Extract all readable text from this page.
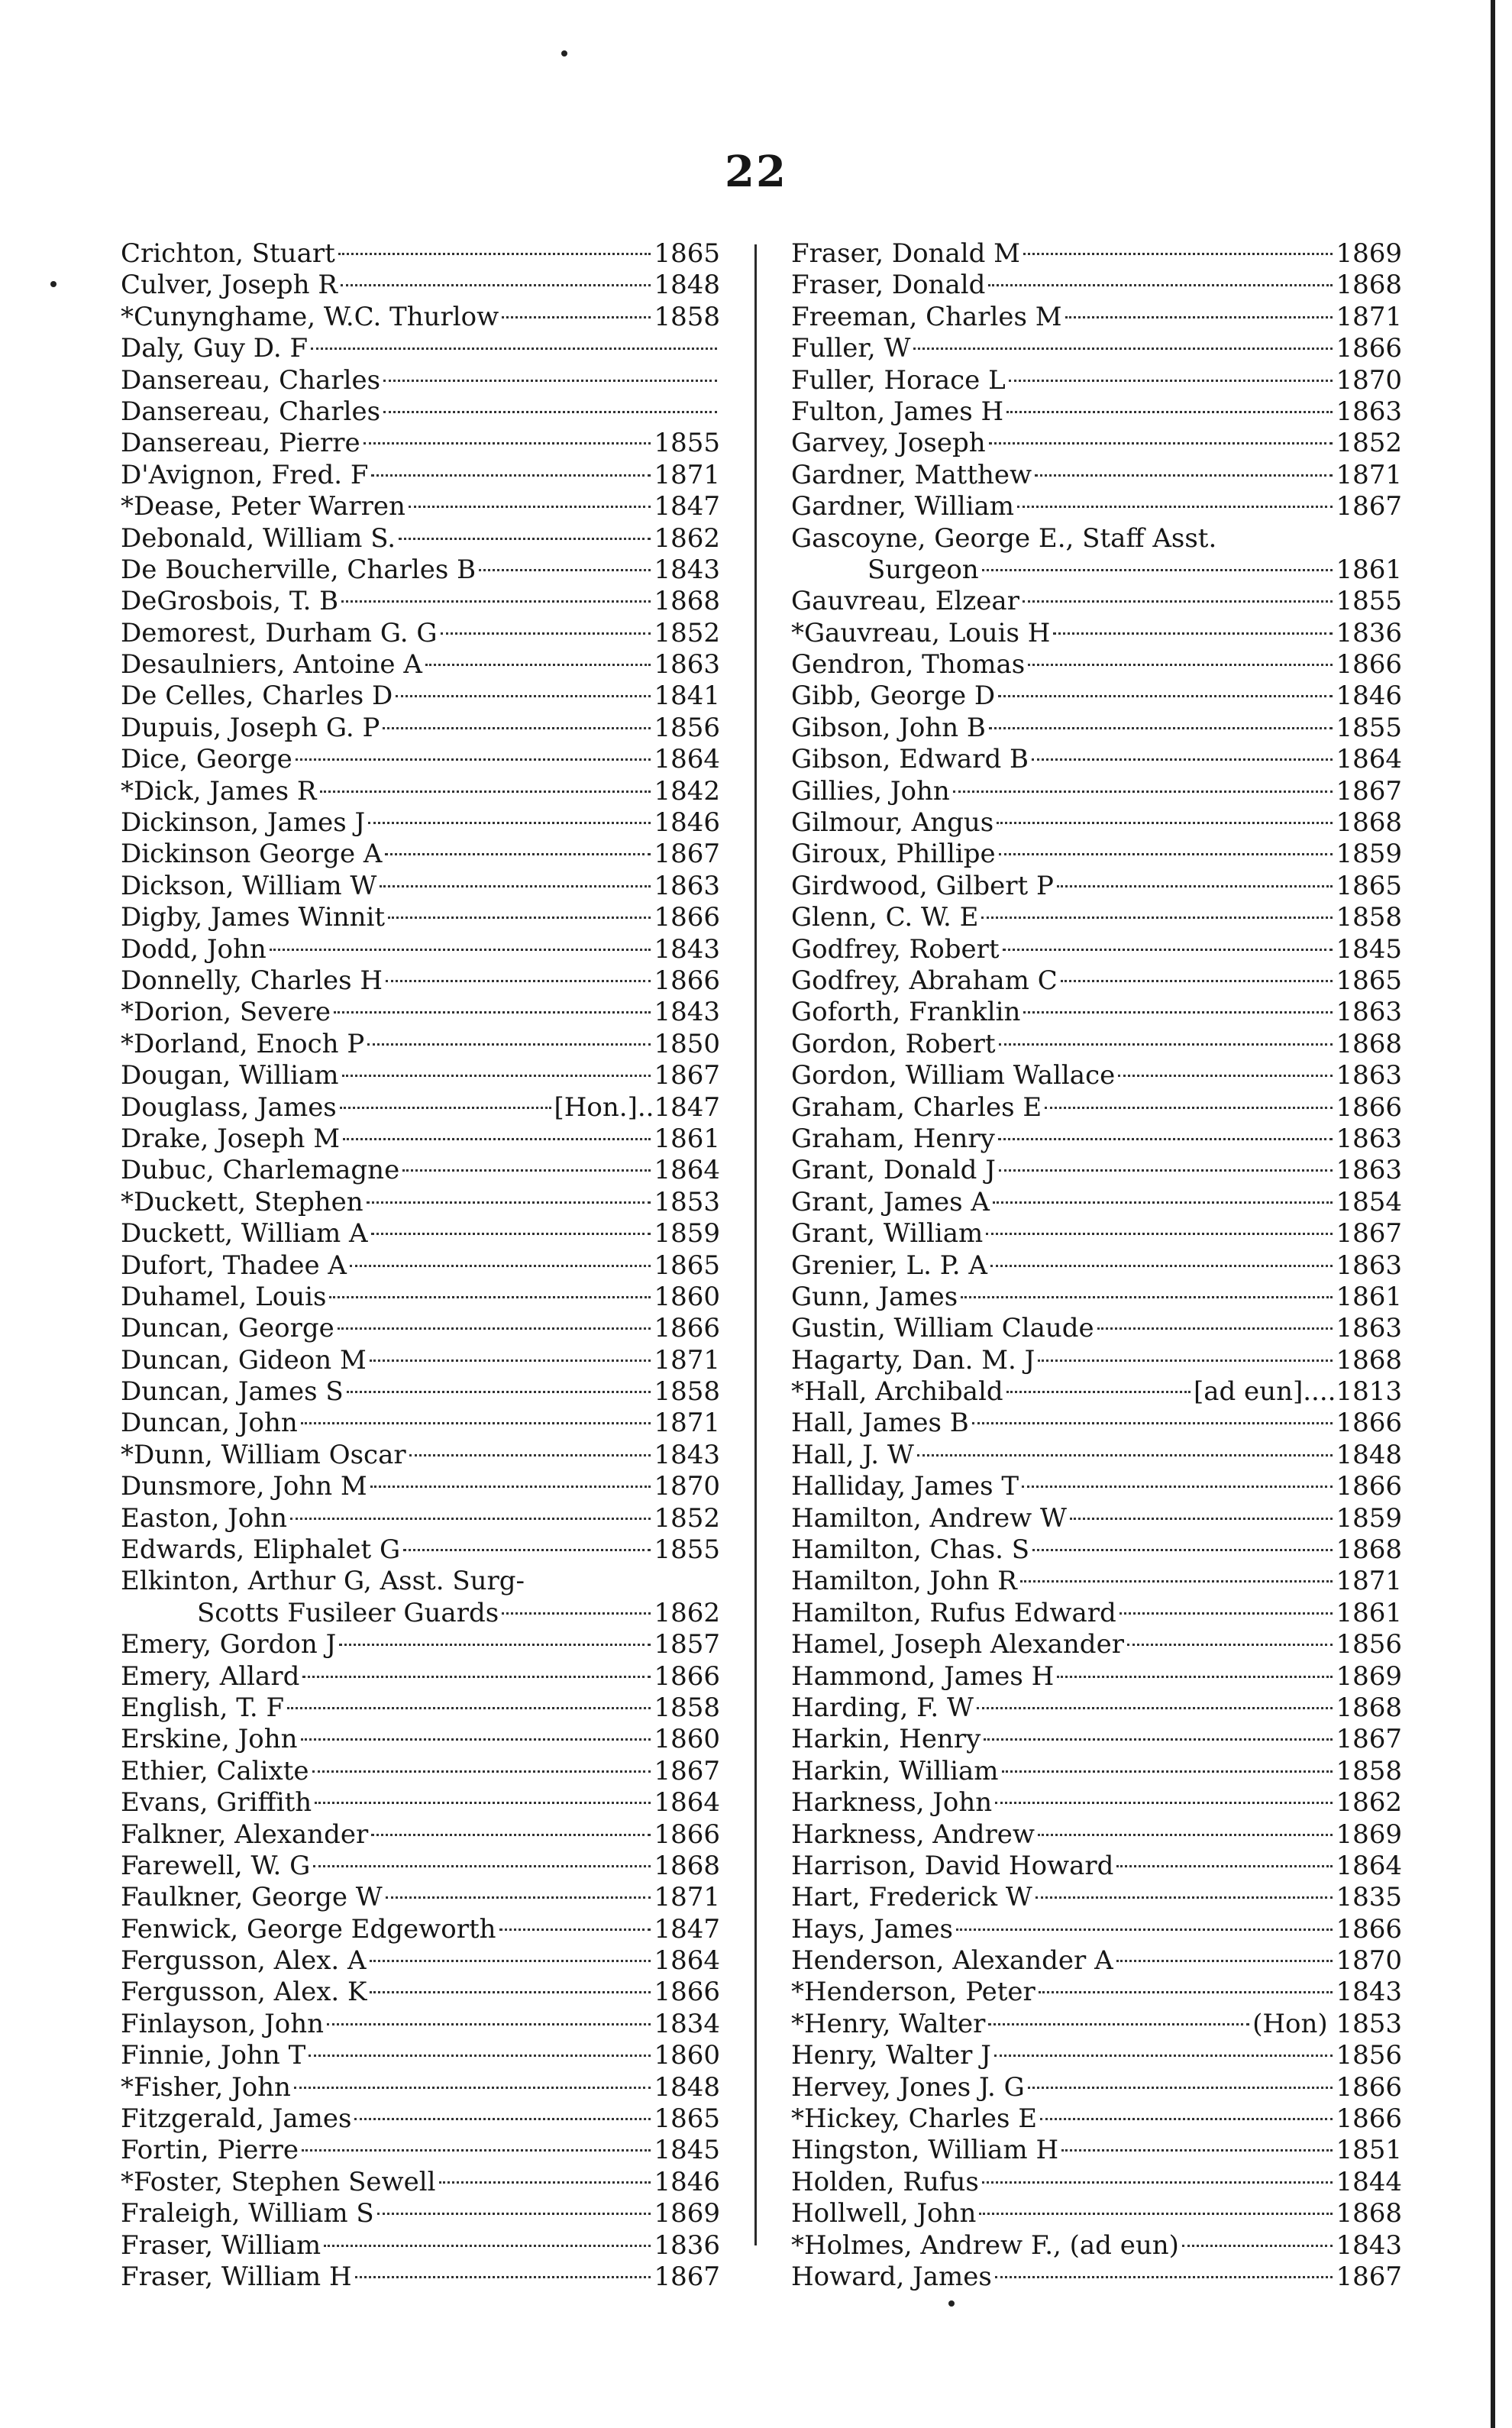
22
Crichton, Stuart	1865
Culver, Joseph R	1848
*Cunynghame, W.C. Thurlow	1858
Daly, Guy D. F
Dansereau, Charles
Dansereau, Charles
Dansereau, Pierre	1855
D'Avignon, Fred. F	1871
*Dease, Peter Warren	1847
Debonald, William S.	1862
De Boucherville, Charles B	1843
DeGrosbois, T. B	1868
Demorest, Durham G. G	1852
Desaulniers, Antoine A	1863
De Celles, Charles D	1841
Dupuis, Joseph G. P	1856
Dice, George	1864
*Dick, James R	1842
Dickinson, James J	1846
Dickinson George A	1867
Dickson, William W	1863
Digby, James Winnit	1866
Dodd, John	1843
Donnelly, Charles H	1866
*Dorion, Severe	1843
*Dorland, Enoch P	1850
Dougan, William	1867
Douglass, James	[Hon.]..1847
Drake, Joseph M	1861
Dubuc, Charlemagne	1864
*Duckett, Stephen	1853
Duckett, William A	1859
Dufort, Thadee A	1865
Duhamel, Louis	1860
Duncan, George	1866
Duncan, Gideon M	1871
Duncan, James S	1858
Duncan, John	1871
*Dunn, William Oscar	1843
Dunsmore, John M	1870
Easton, John	1852
Edwards, Eliphalet G	1855
Elkinton, Arthur G, Asst. Surg-
Scotts Fusileer Guards	1862
Emery, Gordon J	1857
Emery, Allard	1866
English, T. F	1858
Erskine, John	1860
Ethier, Calixte	1867
Evans, Griffith	1864
Falkner, Alexander	1866
Farewell, W. G	1868
Faulkner, George W	1871
Fenwick, George Edgeworth	1847
Fergusson, Alex. A	1864
Fergusson, Alex. K	1866
Finlayson, John	1834
Finnie, John T	1860
*Fisher, John	1848
Fitzgerald, James	1865
Fortin, Pierre	1845
*Foster, Stephen Sewell	1846
Fraleigh, William S	1869
Fraser, William	1836
Fraser, William H	1867
Fraser, Donald M	1869
Fraser, Donald	1868
Freeman, Charles M	1871
Fuller, W	1866
Fuller, Horace L	1870
Fulton, James H	1863
Garvey, Joseph	1852
Gardner, Matthew	1871
Gardner, William	1867
Gascoyne, George E., Staff Asst.
Surgeon	1861
Gauvreau, Elzear	1855
*Gauvreau, Louis H	1836
Gendron, Thomas	1866
Gibb, George D	1846
Gibson, John B	1855
Gibson, Edward B	1864
Gillies, John	1867
Gilmour, Angus	1868
Giroux, Phillipe	1859
Girdwood, Gilbert P	1865
Glenn, C. W. E	1858
Godfrey, Robert	1845
Godfrey, Abraham C	1865
Goforth, Franklin	1863
Gordon, Robert	1868
Gordon, William Wallace	1863
Graham, Charles E	1866
Graham, Henry	1863
Grant, Donald J	1863
Grant, James A	1854
Grant, William	1867
Grenier, L. P. A	1863
Gunn, James	1861
Gustin, William Claude	1863
Hagarty, Dan. M. J	1868
*Hall, Archibald	[ad eun]....1813
Hall, James B	1866
Hall, J. W	1848
Halliday, James T	1866
Hamilton, Andrew W	1859
Hamilton, Chas. S	1868
Hamilton, John R	1871
Hamilton, Rufus Edward	1861
Hamel, Joseph Alexander	1856
Hammond, James H	1869
Harding, F. W	1868
Harkin, Henry	1867
Harkin, William	1858
Harkness, John	1862
Harkness, Andrew	1869
Harrison, David Howard	1864
Hart, Frederick W	1835
Hays, James	1866
Henderson, Alexander A	1870
*Henderson, Peter	1843
*Henry, Walter	(Hon) 1853
Henry, Walter J	1856
Hervey, Jones J. G	1866
*Hickey, Charles E	1866
Hingston, William H	1851
Holden, Rufus	1844
Hollwell, John	1868
*Holmes, Andrew F., (ad eun)	1843
Howard, James	1867
